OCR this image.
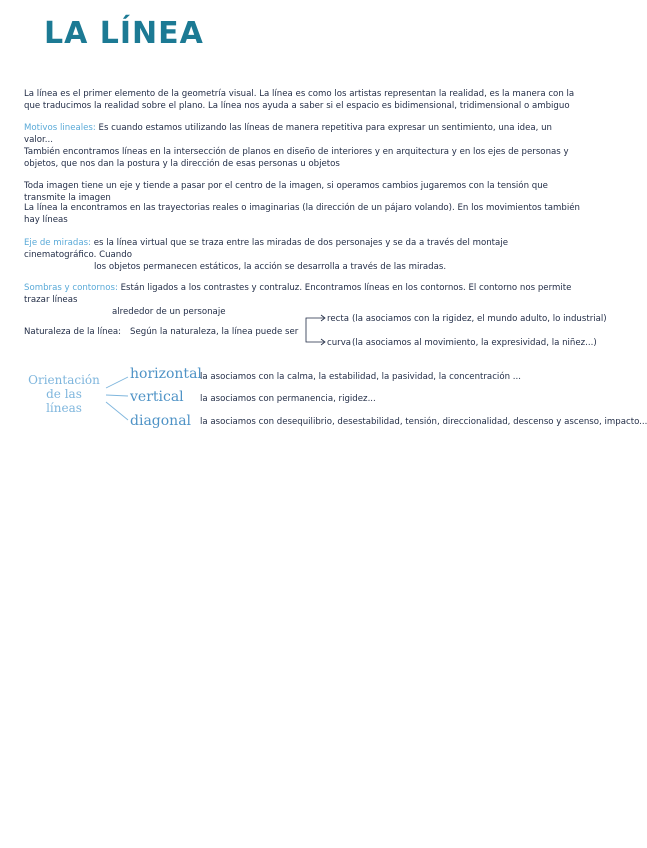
LA LÍNEA
La línea es el primer elemento de la geometría visual. La línea es como los artistas representan la realidad, es la manera con la que traducimos la realidad sobre el plano. La línea nos ayuda a saber si el espacio es bidimensional, tridimensional o ambiguo
Motivos lineales: Es cuando estamos utilizando las líneas de manera repetitiva para expresar un sentimiento, una idea, un valor...
También encontramos líneas en la intersección de planos en diseño de interiores y en arquitectura y en los ejes de personas y objetos, que nos dan la postura y la dirección de esas personas u objetos
Toda imagen tiene un eje y tiende a pasar por el centro de la imagen, si operamos cambios jugaremos con la tensión que transmite la imagen
La línea la encontramos en las trayectorias reales o imaginarias (la dirección de un pájaro volando). En los movimientos también hay líneas
Eje de miradas: es la línea virtual que se traza entre las miradas de dos personajes y se da a través del montaje cinematográfico. Cuando
los objetos permanecen estáticos, la acción se desarrolla a través de las miradas.
Sombras y contornos: Están ligados a los contrastes y contraluz. Encontramos líneas en los contornos. El contorno nos permite trazar líneas
alrededor de un personaje
Naturaleza de la línea: Según la naturaleza, la línea puede ser
recta (la asociamos con la rigidez, el mundo adulto, lo industrial)
curva (la asociamos al movimiento, la expresividad, la niñez...)
Orientación
de las
líneas
horizontal
la asociamos con la calma, la estabilidad, la pasividad, la concentración ...
vertical la asociamos con permanencia, rigidez...
diagonal la asociamos con desequilibrio, desestabilidad, tensión, direccionalidad, descenso y ascenso, impacto...
